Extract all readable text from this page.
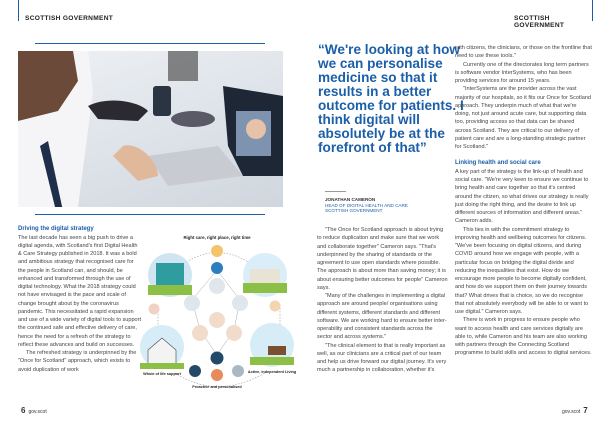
SCOTTISH GOVERNMENT	SCOTTISH GOVERNMENT
Driving the digital strategy

The last decade has seen a big push to drive a digital agenda, with Scotland's first Digital Health & Care Strategy published in 2018. It was a bold and ambitious strategy that recognised care for the people in Scotland can, and should, be enhanced and transformed through the use of digital technology. What the 2018 strategy could not have envisaged is the pace and scale of change brought about by the coronavirus pandemic. This necessitated a rapid expansion and use of a wide variety of digital tools to support the continued safe and effective delivery of care, hence the need for a refresh of the strategy to reflect these advances and build on successes.

The refreshed strategy is underpinned by the "Once for Scotland" approach, which exists to avoid duplication of work

Right care, right place, right time
Whole of life support
Proactive and personalised
Active, independent Living
“We're looking at how we can personalise medicine so that it results in a better outcome for patients. I think digital will absolutely be at the forefront of that”
JONATHAN CAMERON
HEAD OF DIGITAL HEALTH AND CARE
SCOTTISH GOVERNMENT

"The Once for Scotland approach is about trying to reduce duplication and make sure that we work and collaborate together" Cameron says. "That's underpinned by the sharing of standards or the agreement to use open standards where possible. The approach is about more than saving money; it is about ensuring better outcomes for people" Cameron says.

"Many of the challenges in implementing a digital approach are around people/ organisations using different systems, different standards and different software. We are working hard to ensure better inter-operability and consistent standards across the sector and across systems."

"The clinical element to that is really important as well, as our clinicians are a critical part of our team and help us drive forward our digital journey. It's very much a partnership in collaboration, whether it's

with citizens, the clinicians, or those on the frontline that need to use these tools."

Currently one of the directorates long term partners is software vendor InterSystems, who has been providing services for around 15 years.

"InterSystems are the provider across the vast majority of our hospitals, so it fits our Once for Scotland approach. They underpin much of what that we're doing, not just around acute care, but supporting data too, providing access so that data can be shared across Scotland. They are critical to our delivery of patient care and are a long-standing strategic partner for Scotland."

Linking health and social care

A key part of the strategy is the link-up of health and social care. "We're very keen to ensure we continue to bring health and care together so that it's centred around the citizen, so what drives our strategy is really just doing the right thing, and the desire to link up different sources of information and different areas." Cameron adds.

This ties in with the commitment strategy to improving health and wellbeing outcomes for citizens. "We've been focusing on digital citizens, and during COVID around how we engage with people, with a particular focus on bridging the digital divide and reducing the inequalities that exist. How do we encourage more people to become digitally confident, and how do we support them on their journey towards that? What drives that is choice, so we do recognise that not absolutely everybody will be able to or want to use digital." Cameron says.

There is work in progress to ensure people who want to access health and care services digitally are able to, while Cameron and his team are also working with partners through the Connecting Scotland programme to build skills and access to digital services.

6 gov.scot	gov.scot 7
